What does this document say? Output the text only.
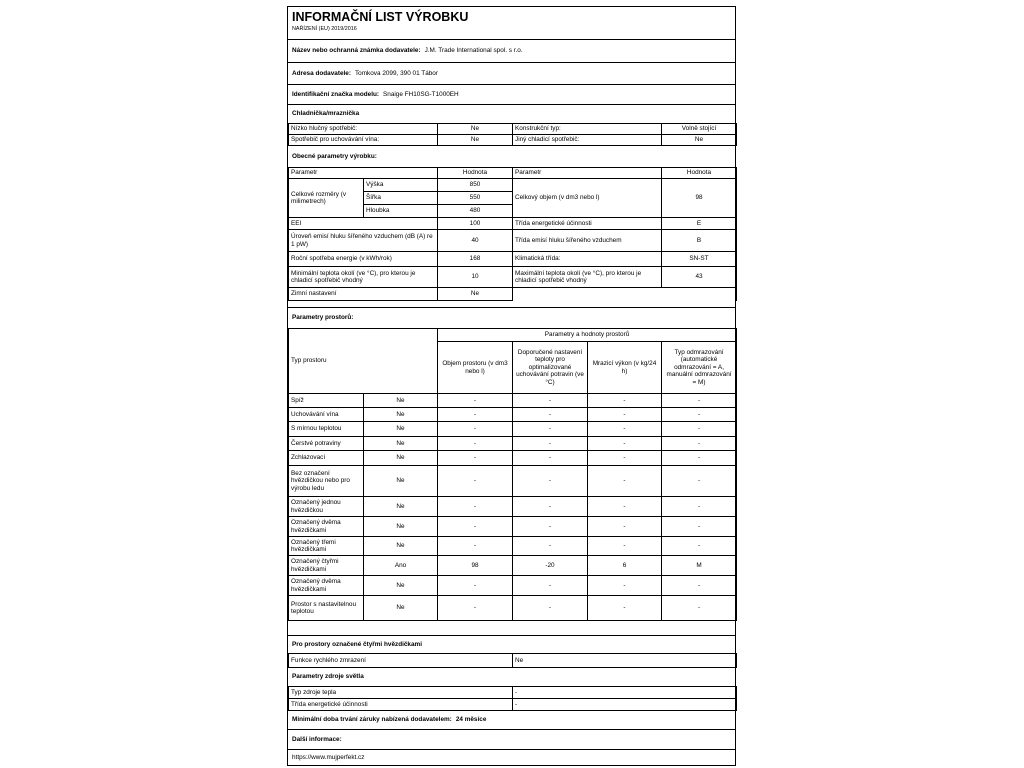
INFORMAČNÍ LIST VÝROBKU
NAŘÍZENÍ (EU) 2019/2016
Název nebo ochranná známka dodavatele: J.M. Trade International spol. s r.o.
Adresa dodavatele: Tomkova 2099, 390 01 Tábor
Identifikační značka modelu: Snaige FH10SG-T1000EH
Chladnička/mraznička
Nízko hlučný spotřebič:	Ne	Konstrukční typ:	Volně stojící
Spotřebič pro uchovávání vína:	Ne	Jiný chladicí spotřebič:	Ne
Obecné parametry výrobku:
Parametr		Hodnota	Parametr	Hodnota
Celkové rozměry (v milimetrech)	Výška	850	Celkový objem (v dm3 nebo l)	98
	Šířka	550		
	Hloubka	480		
EEI		100	Třída energetické účinnosti	E
Úroveň emisí hluku šířeného vzduchem (dB (A) re 1 pW)		40	Třída emisí hluku šířeného vzduchem	B
Roční spotřeba energie (v kWh/rok)		168	Klimatická třída:	SN-ST
Minimální teplota okolí (ve °C), pro kterou je chladicí spotřebič vhodný		10	Maximální teplota okolí (ve °C), pro kterou je chladicí spotřebič vhodný	43
Zimní nastavení		Ne		
Parametry prostorů:
Typ prostoru		Parametry a hodnoty prostorů			
		Objem prostoru (v dm3 nebo l)	Doporučené nastavení teploty pro optimalizované uchovávání potravin (ve °C)	Mrazicí výkon (v kg/24 h)	Typ odmrazování (automatické odmrazování = A, manuální odmrazování = M)
Spíž	Ne	-	-	-	-
Uchovávání vína	Ne	-	-	-	-
S mírnou teplotou	Ne	-	-	-	-
Čerstvé potraviny	Ne	-	-	-	-
Zchlazovací	Ne	-	-	-	-
Bez označení hvězdičkou nebo pro výrobu ledu	Ne	-	-	-	-
Označený jednou hvězdičkou	Ne	-	-	-	-
Označený dvěma hvězdičkami	Ne	-	-	-	-
Označený třemi hvězdičkami	Ne	-	-	-	-
Označený čtyřmi hvězdičkami	Ano	98	-20	6	M
Označený dvěma hvězdičkami	Ne	-	-	-	-
Prostor s nastavitelnou teplotou	Ne	-	-	-	-
Pro prostory označené čtyřmi hvězdičkami
Funkce rychlého zmrazení	Ne
Parametry zdroje světla
Typ zdroje tepla	-
Třída energetické účinnosti	-
Minimální doba trvání záruky nabízená dodavatelem: 24 měsíce
Další informace:
https://www.mujperfekt.cz
